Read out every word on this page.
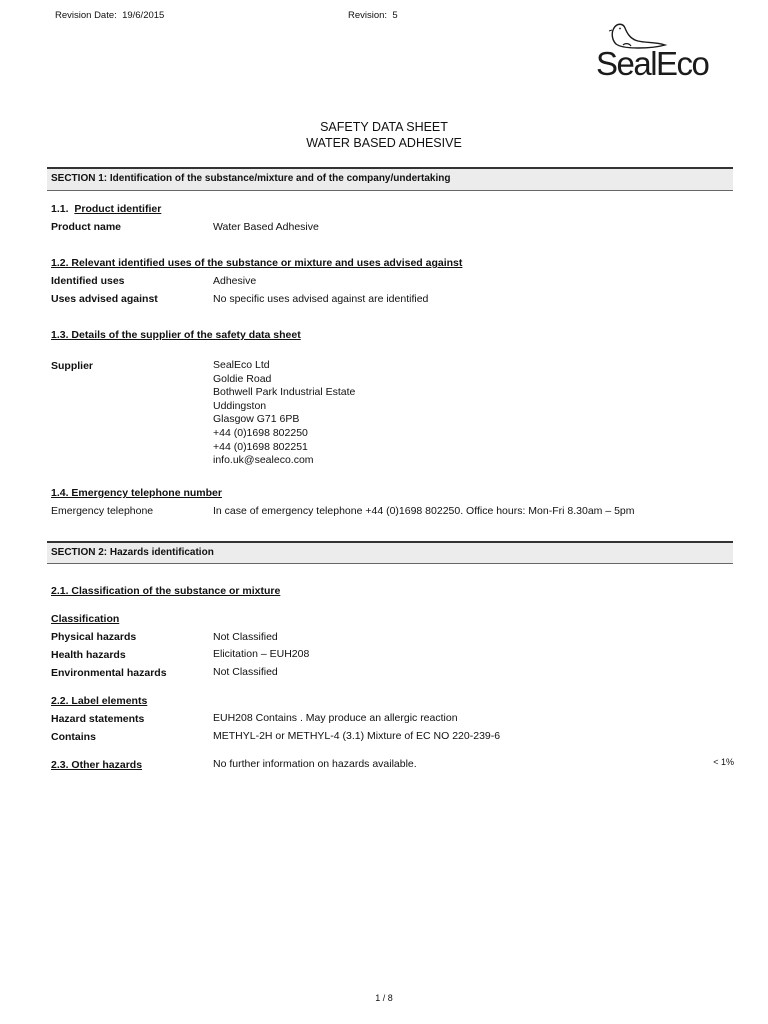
Revision Date: 19/6/2015	Revision: 5
SealEco
SAFETY DATA SHEET
WATER BASED ADHESIVE
SECTION 1: Identification of the substance/mixture and of the company/undertaking
1.1. Product identifier
Product name	Water Based Adhesive
1.2. Relevant identified uses of the substance or mixture and uses advised against
Identified uses	Adhesive
Uses advised against	No specific uses advised against are identified
1.3. Details of the supplier of the safety data sheet
Supplier	SealEco Ltd
Goldie Road
Bothwell Park Industrial Estate
Uddingston
Glasgow G71 6PB
+44 (0)1698 802250
+44 (0)1698 802251
info.uk@sealeco.com
1.4. Emergency telephone number
Emergency telephone	In case of emergency telephone +44 (0)1698 802250. Office hours: Mon-Fri 8.30am – 5pm
SECTION 2: Hazards identification
2.1. Classification of the substance or mixture
Classification
Physical hazards	Not Classified
Health hazards	Elicitation – EUH208
Environmental hazards	Not Classified
2.2. Label elements
Hazard statements	EUH208 Contains . May produce an allergic reaction
Contains	METHYL-2H or METHYL-4 (3.1) Mixture of EC NO 220-239-6
2.3. Other hazards	No further information on hazards available.	< 1%
1 / 8
